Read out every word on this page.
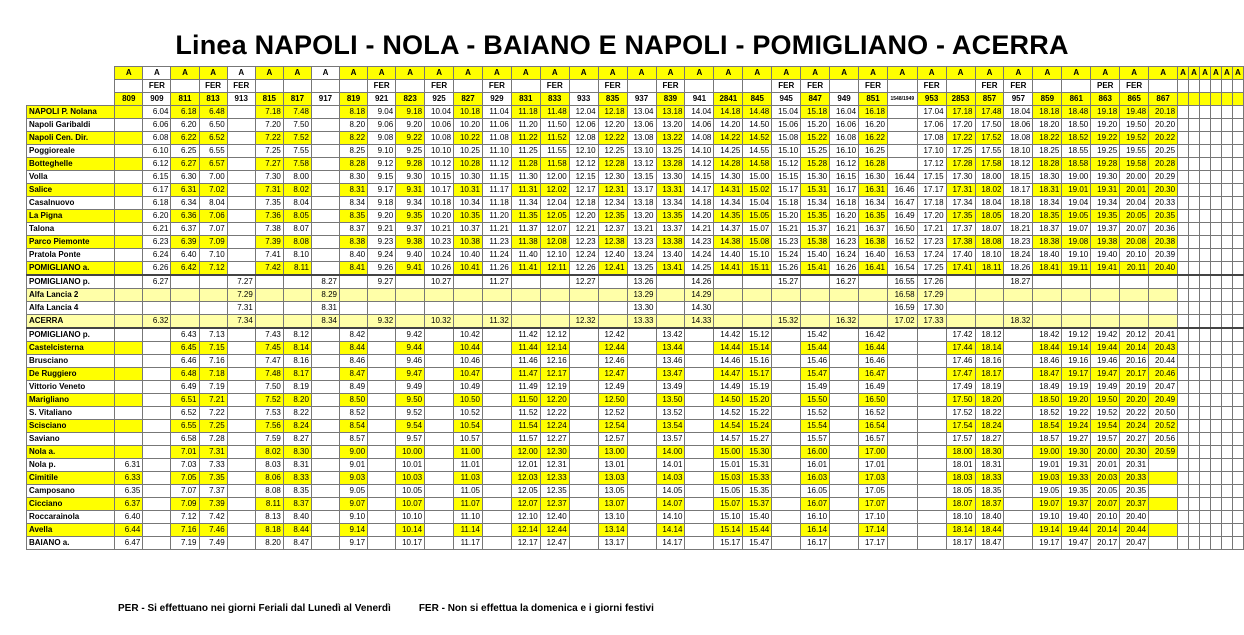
Linea NAPOLI - NOLA - BAIANO E NAPOLI - POMIGLIANO - ACERRA
	A	A	A	A	A	A	A	A	A	A	A	A	A	A	A	A	A	A	A	A	A	A	A	A	A	A	A	A	A	A	A	A	A	A	A	A	A	A	A	A	A	A	A
		FER		FER	FER					FER		FER		FER		FER		FER		FER				FER	FER		FER		FER		FER	FER			PER	FER							
	809	909	811	813	913	815	817	917	819	921	823	925	827	929	831	833	933	835	937	839	941	2841	845	945	847	949	851	1548/1949	953	2853	857	957	859	861	863	865	867						
NAPOLI P. Nolana		6.04	6.18	6.48		7.18	7.48		8.18	9.04	9.18	10.04	10.18	11.04	11.18	11.48	12.04	12.18	13.04	13.18	14.04	14.18	14.48	15.04	15.18	16.04	16.18		17.04	17.18	17.48	18.04	18.18	18.48	19.18	19.48	20.18						
Napoli Garibaldi		6.06	6.20	6.50		7.20	7.50		8.20	9.06	9.20	10.06	10.20	11.06	11.20	11.50	12.06	12.20	13.06	13.20	14.06	14.20	14.50	15.06	15.20	16.06	16.20		17.06	17.20	17.50	18.06	18.20	18.50	19.20	19.50	20.20						
Napoli Cen. Dir.		6.08	6.22	6.52		7.22	7.52		8.22	9.08	9.22	10.08	10.22	11.08	11.22	11.52	12.08	12.22	13.08	13.22	14.08	14.22	14.52	15.08	15.22	16.08	16.22		17.08	17.22	17.52	18.08	18.22	18.52	19.22	19.52	20.22						
Poggioreale		6.10	6.25	6.55		7.25	7.55		8.25	9.10	9.25	10.10	10.25	11.10	11.25	11.55	12.10	12.25	13.10	13.25	14.10	14.25	14.55	15.10	15.25	16.10	16.25		17.10	17.25	17.55	18.10	18.25	18.55	19.25	19.55	20.25						
Botteghelle		6.12	6.27	6.57		7.27	7.58		8.28	9.12	9.28	10.12	10.28	11.12	11.28	11.58	12.12	12.28	13.12	13.28	14.12	14.28	14.58	15.12	15.28	16.12	16.28		17.12	17.28	17.58	18.12	18.28	18.58	19.28	19.58	20.28						
Volla		6.15	6.30	7.00		7.30	8.00		8.30	9.15	9.30	10.15	10.30	11.15	11.30	12.00	12.15	12.30	13.15	13.30	14.15	14.30	15.00	15.15	15.30	16.15	16.30	16.44	17.15	17.30	18.00	18.15	18.30	19.00	19.30	20.00	20.29						
Salice		6.17	6.31	7.02		7.31	8.02		8.31	9.17	9.31	10.17	10.31	11.17	11.31	12.02	12.17	12.31	13.17	13.31	14.17	14.31	15.02	15.17	15.31	16.17	16.31	16.46	17.17	17.31	18.02	18.17	18.31	19.01	19.31	20.01	20.30						
Casalnuovo		6.18	6.34	8.04		7.35	8.04		8.34	9.18	9.34	10.18	10.34	11.18	11.34	12.04	12.18	12.34	13.18	13.34	14.18	14.34	15.04	15.18	15.34	16.18	16.34	16.47	17.18	17.34	18.04	18.18	18.34	19.04	19.34	20.04	20.33						
La Pigna		6.20	6.36	7.06		7.36	8.05		8.35	9.20	9.35	10.20	10.35	11.20	11.35	12.05	12.20	12.35	13.20	13.35	14.20	14.35	15.05	15.20	15.35	16.20	16.35	16.49	17.20	17.35	18.05	18.20	18.35	19.05	19.35	20.05	20.35						
Talona		6.21	6.37	7.07		7.38	8.07		8.37	9.21	9.37	10.21	10.37	11.21	11.37	12.07	12.21	12.37	13.21	13.37	14.21	14.37	15.07	15.21	15.37	16.21	16.37	16.50	17.21	17.37	18.07	18.21	18.37	19.07	19.37	20.07	20.36						
Parco Piemonte		6.23	6.39	7.09		7.39	8.08		8.38	9.23	9.38	10.23	10.38	11.23	11.38	12.08	12.23	12.38	13.23	13.38	14.23	14.38	15.08	15.23	15.38	16.23	16.38	16.52	17.23	17.38	18.08	18.23	18.38	19.08	19.38	20.08	20.38						
Pratola Ponte		6.24	6.40	7.10		7.41	8.10		8.40	9.24	9.40	10.24	10.40	11.24	11.40	12.10	12.24	12.40	13.24	13.40	14.24	14.40	15.10	15.24	15.40	16.24	16.40	16.53	17.24	17.40	18.10	18.24	18.40	19.10	19.40	20.10	20.39						
POMIGLIANO a.		6.26	6.42	7.12		7.42	8.11		8.41	9.26	9.41	10.26	10.41	11.26	11.41	12.11	12.26	12.41	13.25	13.41	14.25	14.41	15.11	15.26	15.41	16.26	16.41	16.54	17.25	17.41	18.11	18.26	18.41	19.11	19.41	20.11	20.40						
POMIGLIANO p.		6.27			7.27			8.27		9.27		10.27		11.27			12.27		13.26		14.26			15.27		16.27		16.55	17.26			18.27											
Alfa Lancia 2					7.29			8.29											13.29		14.29							16.58	17.29														
Alfa Lancia 4					7.31			8.31											13.30		14.30							16.59	17.30														
ACERRA		6.32			7.34			8.34		9.32		10.32		11.32			12.32		13.33		14.33			15.32		16.32		17.02	17.33			18.32											
POMIGLIANO p.			6.43	7.13		7.43	8.12		8.42		9.42		10.42		11.42	12.12		12.42		13.42		14.42	15.12		15.42		16.42			17.42	18.12		18.42	19.12	19.42	20.12	20.41						
Castelcisterna			6.45	7.15		7.45	8.14		8.44		9.44		10.44		11.44	12.14		12.44		13.44		14.44	15.14		15.44		16.44			17.44	18.14		18.44	19.14	19.44	20.14	20.43						
Brusciano			6.46	7.16		7.47	8.16		8.46		9.46		10.46		11.46	12.16		12.46		13.46		14.46	15.16		15.46		16.46			17.46	18.16		18.46	19.16	19.46	20.16	20.44						
De Ruggiero			6.48	7.18		7.48	8.17		8.47		9.47		10.47		11.47	12.17		12.47		13.47		14.47	15.17		15.47		16.47			17.47	18.17		18.47	19.17	19.47	20.17	20.46						
Vittorio Veneto			6.49	7.19		7.50	8.19		8.49		9.49		10.49		11.49	12.19		12.49		13.49		14.49	15.19		15.49		16.49			17.49	18.19		18.49	19.19	19.49	20.19	20.47						
Marigliano			6.51	7.21		7.52	8.20		8.50		9.50		10.50		11.50	12.20		12.50		13.50		14.50	15.20		15.50		16.50			17.50	18.20		18.50	19.20	19.50	20.20	20.49						
S. Vitaliano			6.52	7.22		7.53	8.22		8.52		9.52		10.52		11.52	12.22		12.52		13.52		14.52	15.22		15.52		16.52			17.52	18.22		18.52	19.22	19.52	20.22	20.50						
Scisciano			6.55	7.25		7.56	8.24		8.54		9.54		10.54		11.54	12.24		12.54		13.54		14.54	15.24		15.54		16.54			17.54	18.24		18.54	19.24	19.54	20.24	20.52						
Saviano			6.58	7.28		7.59	8.27		8.57		9.57		10.57		11.57	12.27		12.57		13.57		14.57	15.27		15.57		16.57			17.57	18.27		18.57	19.27	19.57	20.27	20.56						
Nola a.			7.01	7.31		8.02	8.30		9.00		10.00		11.00		12.00	12.30		13.00		14.00		15.00	15.30		16.00		17.00			18.00	18.30		19.00	19.30	20.00	20.30	20.59						
Nola p.	6.31		7.03	7.33		8.03	8.31		9.01		10.01		11.01		12.01	12.31		13.01		14.01		15.01	15.31		16.01		17.01			18.01	18.31		19.01	19.31	20.01	20.31							
Cimitile	6.33		7.05	7.35		8.06	8.33		9.03		10.03		11.03		12.03	12.33		13.03		14.03		15.03	15.33		16.03		17.03			18.03	18.33		19.03	19.33	20.03	20.33							
Camposano	6.35		7.07	7.37		8.08	8.35		9.05		10.05		11.05		12.05	12.35		13.05		14.05		15.05	15.35		16.05		17.05			18.05	18.35		19.05	19.35	20.05	20.35							
Cicciano	6.37		7.09	7.39		8.11	8.37		9.07		10.07		11.07		12.07	12.37		13.07		14.07		15.07	15.37		16.07		17.07			18.07	18.37		19.07	19.37	20.07	20.37							
Roccarainola	6.40		7.12	7.42		8.13	8.40		9.10		10.10		11.10		12.10	12.40		13.10		14.10		15.10	15.40		16.10		17.10			18.10	18.40		19.10	19.40	20.10	20.40							
Avella	6.44		7.16	7.46		8.18	8.44		9.14		10.14		11.14		12.14	12.44		13.14		14.14		15.14	15.44		16.14		17.14			18.14	18.44		19.14	19.44	20.14	20.44							
BAIANO a.	6.47		7.19	7.49		8.20	8.47		9.17		10.17		11.17		12.17	12.47		13.17		14.17		15.17	15.47		16.17		17.17			18.17	18.47		19.17	19.47	20.17	20.47							
PER - Si effettuano nei giorni Feriali dal Lunedì al Venerdì	FER - Non si effettua la domenica e i giorni festivi
